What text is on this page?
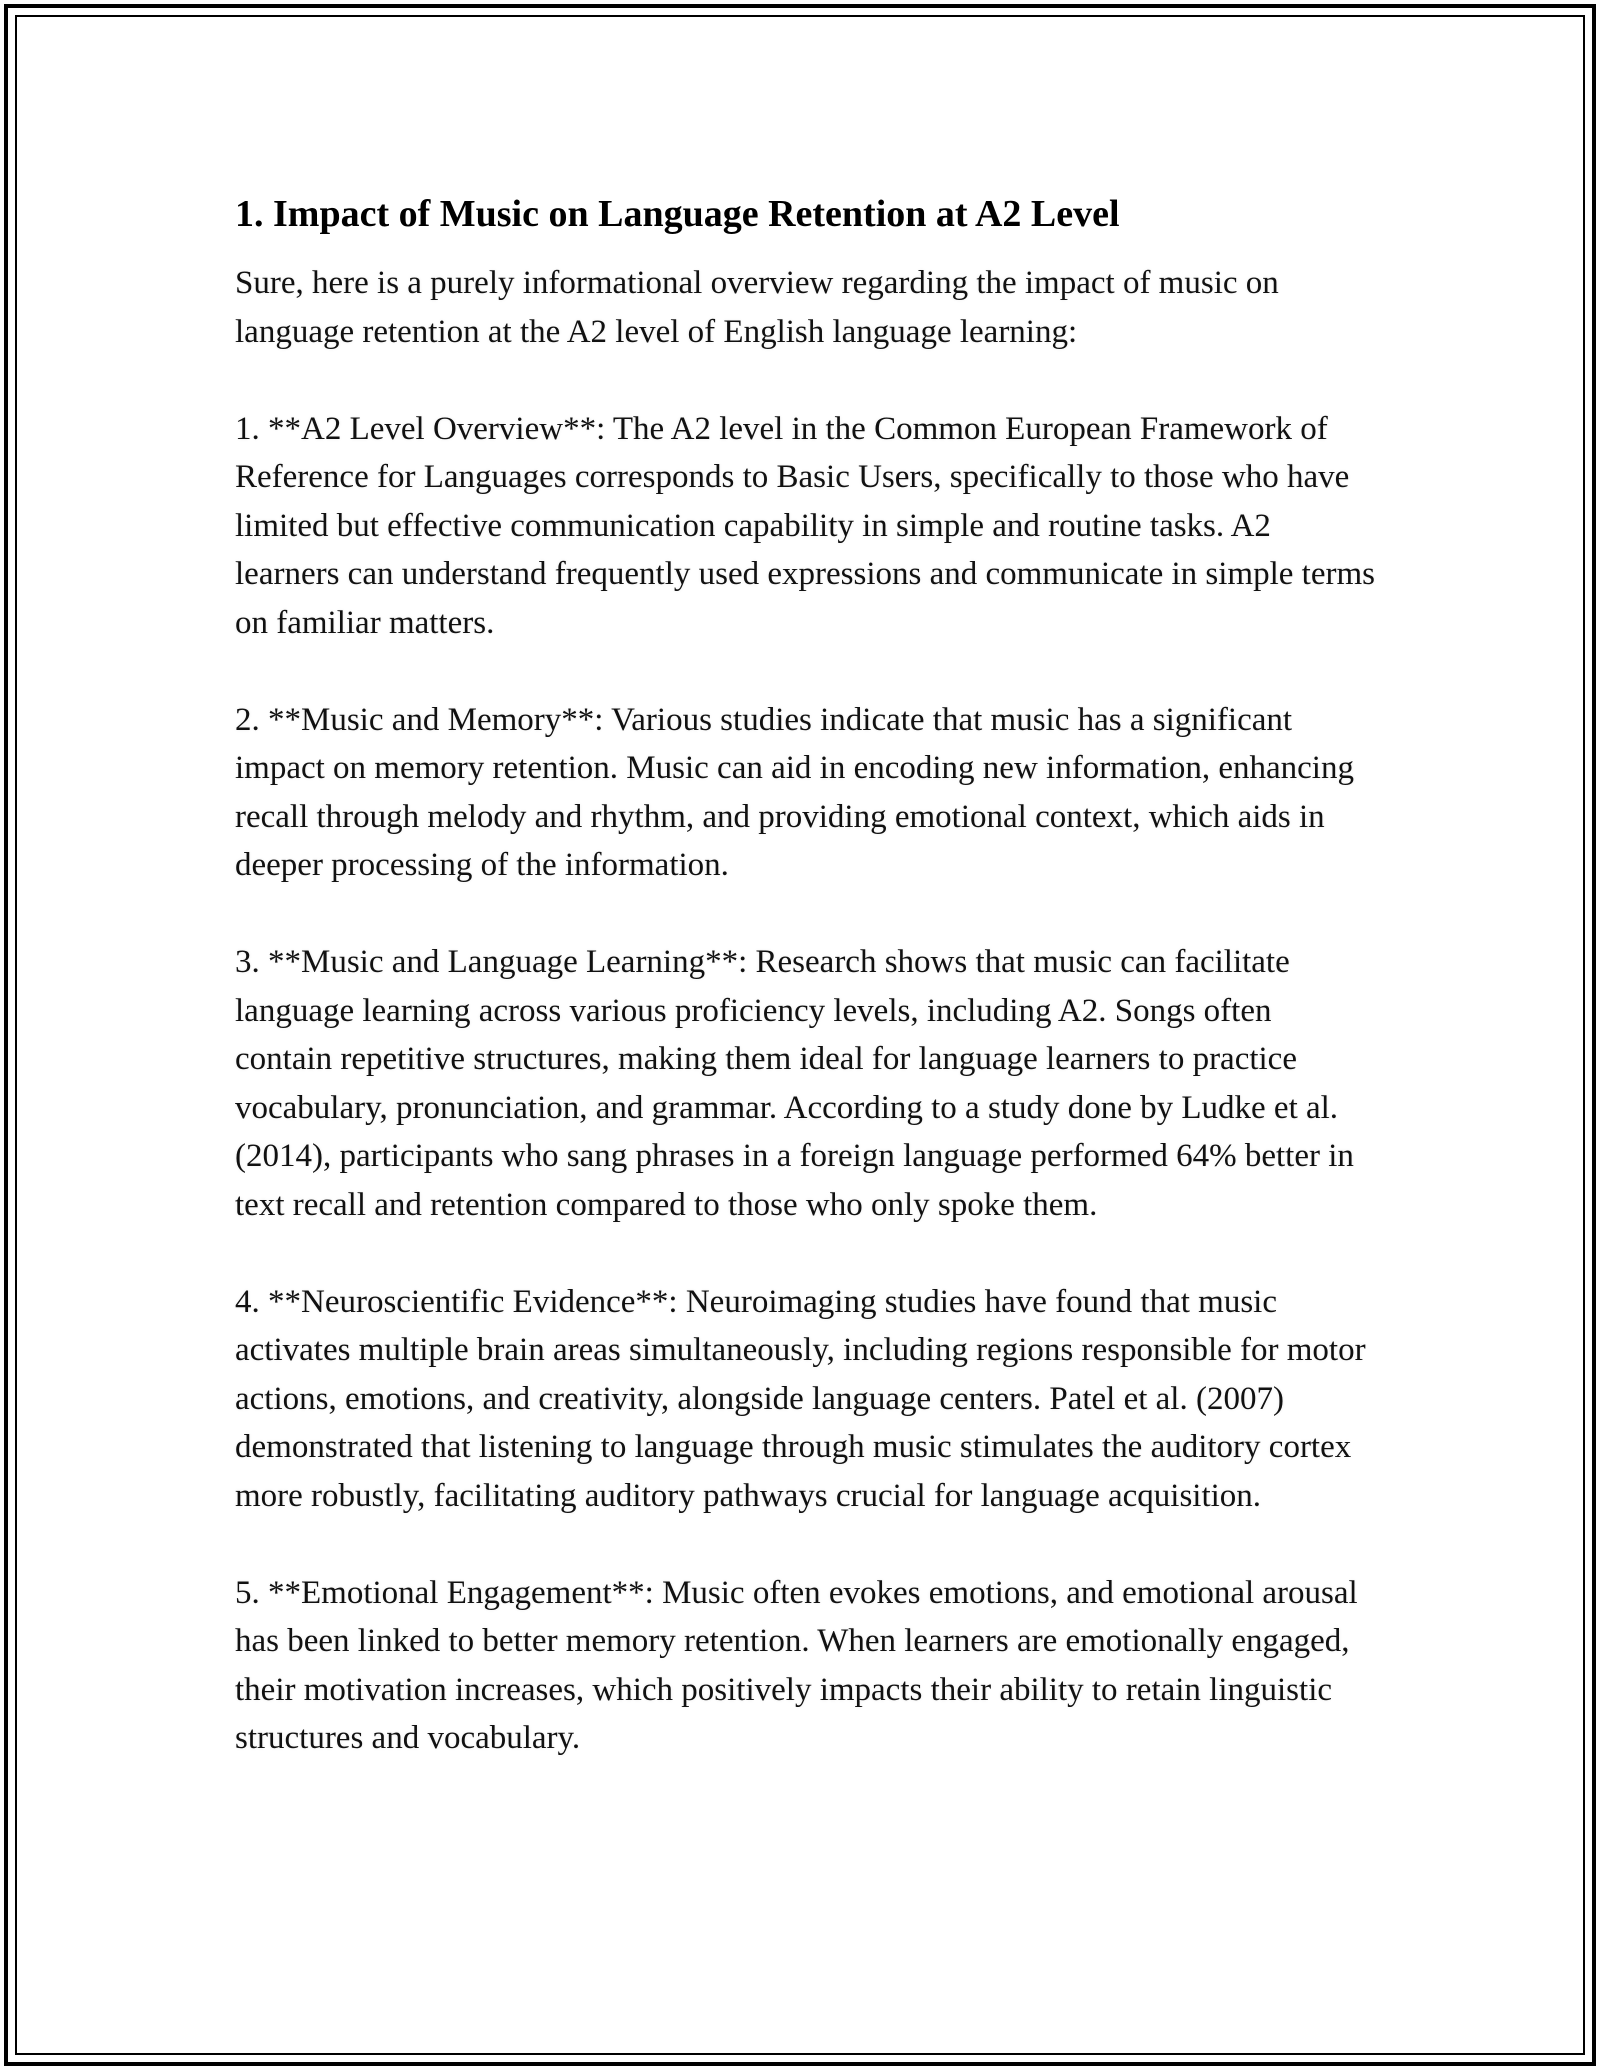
1. Impact of Music on Language Retention at A2 Level

Sure, here is a purely informational overview regarding the impact of music on language retention at the A2 level of English language learning:

1. **A2 Level Overview**: The A2 level in the Common European Framework of Reference for Languages corresponds to Basic Users, specifically to those who have limited but effective communication capability in simple and routine tasks. A2 learners can understand frequently used expressions and communicate in simple terms on familiar matters.

2. **Music and Memory**: Various studies indicate that music has a significant impact on memory retention. Music can aid in encoding new information, enhancing recall through melody and rhythm, and providing emotional context, which aids in deeper processing of the information.

3. **Music and Language Learning**: Research shows that music can facilitate language learning across various proficiency levels, including A2. Songs often contain repetitive structures, making them ideal for language learners to practice vocabulary, pronunciation, and grammar. According to a study done by Ludke et al. (2014), participants who sang phrases in a foreign language performed 64% better in text recall and retention compared to those who only spoke them.

4. **Neuroscientific Evidence**: Neuroimaging studies have found that music activates multiple brain areas simultaneously, including regions responsible for motor actions, emotions, and creativity, alongside language centers. Patel et al. (2007) demonstrated that listening to language through music stimulates the auditory cortex more robustly, facilitating auditory pathways crucial for language acquisition.

5. **Emotional Engagement**: Music often evokes emotions, and emotional arousal has been linked to better memory retention. When learners are emotionally engaged, their motivation increases, which positively impacts their ability to retain linguistic structures and vocabulary.
